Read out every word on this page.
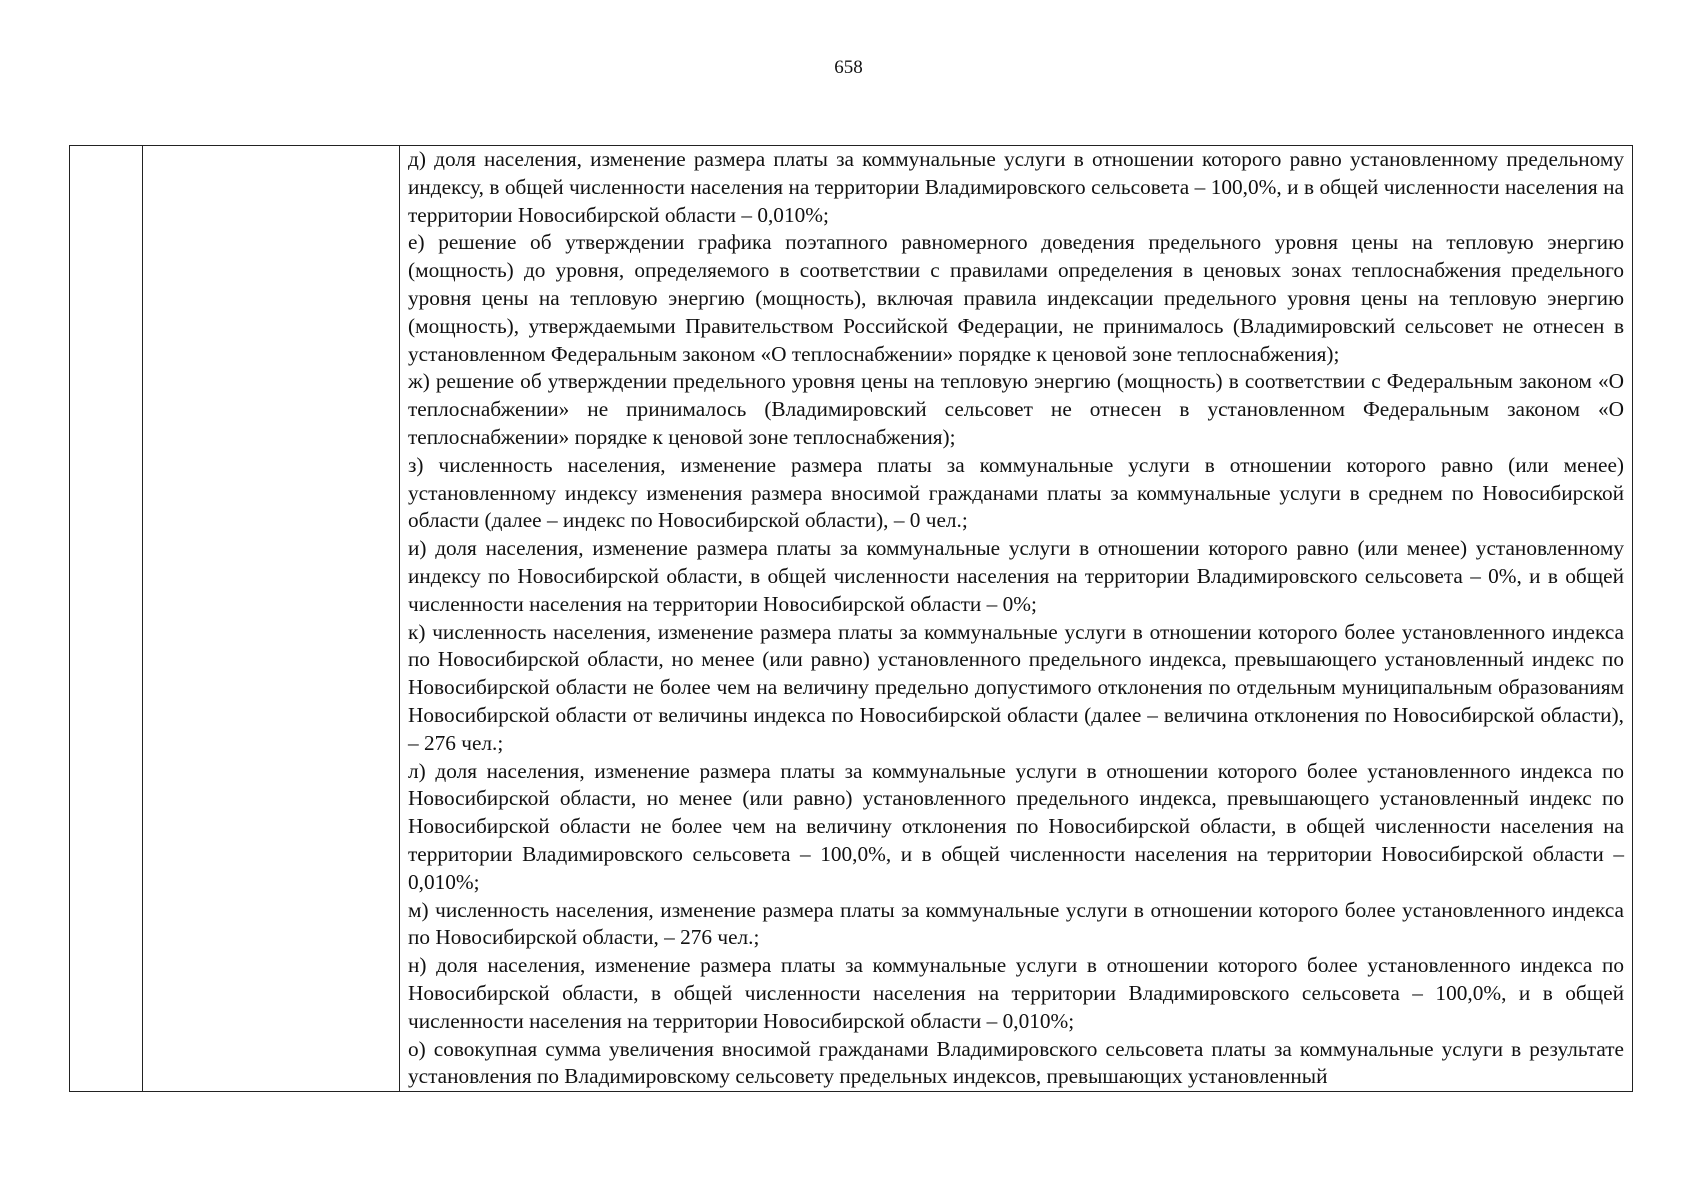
658

д) доля населения, изменение размера платы за коммунальные услуги в отношении которого равно установленному предельному индексу, в общей численности населения на территории Владимировского сельсовета – 100,0%, и в общей численности населения на территории Новосибирской области – 0,010%;

е) решение об утверждении графика поэтапного равномерного доведения предельного уровня цены на тепловую энергию (мощность) до уровня, определяемого в соответствии с правилами определения в ценовых зонах теплоснабжения предельного уровня цены на тепловую энергию (мощность), включая правила индексации предельного уровня цены на тепловую энергию (мощность), утверждаемыми Правительством Российской Федерации, не принималось (Владимировский сельсовет не отнесен в установленном Федеральным законом «О теплоснабжении» порядке к ценовой зоне теплоснабжения);

ж) решение об утверждении предельного уровня цены на тепловую энергию (мощность) в соответствии с Федеральным законом «О теплоснабжении» не принималось (Владимировский сельсовет не отнесен в установленном Федеральным законом «О теплоснабжении» порядке к ценовой зоне теплоснабжения);

з) численность населения, изменение размера платы за коммунальные услуги в отношении которого равно (или менее) установленному индексу изменения размера вносимой гражданами платы за коммунальные услуги в среднем по Новосибирской области (далее – индекс по Новосибирской области), – 0 чел.;

и) доля населения, изменение размера платы за коммунальные услуги в отношении которого равно (или менее) установленному индексу по Новосибирской области, в общей численности населения на территории Владимировского сельсовета – 0%, и в общей численности населения на территории Новосибирской области – 0%;

к) численность населения, изменение размера платы за коммунальные услуги в отношении которого более установленного индекса по Новосибирской области, но менее (или равно) установленного предельного индекса, превышающего установленный индекс по Новосибирской области не более чем на величину предельно допустимого отклонения по отдельным муниципальным образованиям Новосибирской области от величины индекса по Новосибирской области (далее – величина отклонения по Новосибирской области), – 276 чел.;

л) доля населения, изменение размера платы за коммунальные услуги в отношении которого более установленного индекса по Новосибирской области, но менее (или равно) установленного предельного индекса, превышающего установленный индекс по Новосибирской области не более чем на величину отклонения по Новосибирской области, в общей численности населения на территории Владимировского сельсовета – 100,0%, и в общей численности населения на территории Новосибирской области – 0,010%;

м) численность населения, изменение размера платы за коммунальные услуги в отношении которого более установленного индекса по Новосибирской области, – 276 чел.;

н) доля населения, изменение размера платы за коммунальные услуги в отношении которого более установленного индекса по Новосибирской области, в общей численности населения на территории Владимировского сельсовета – 100,0%, и в общей численности населения на территории Новосибирской области – 0,010%;

о) совокупная сумма увеличения вносимой гражданами Владимировского сельсовета платы за коммунальные услуги в результате установления по Владимировскому сельсовету предельных индексов, превышающих установленный
